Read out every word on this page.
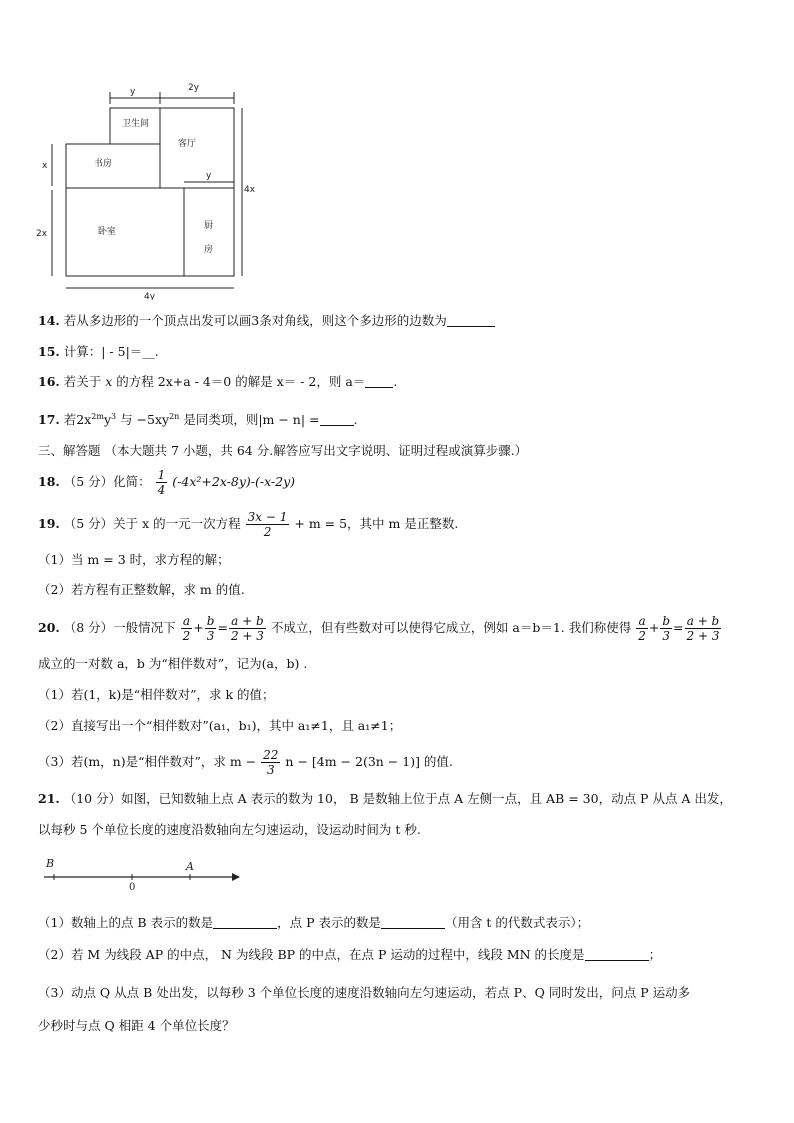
y	2y
卫生间
客厅
书房
y
卧室
厨
房
x
2x
4x
4y
14. 若从多边形的一个顶点出发可以画3条对角线，则这个多边形的边数为
15. 计算：| - 5|＝__.
16. 若关于 x 的方程 2x+a - 4＝0 的解是 x＝ - 2，则 a＝ .
17. 若$2x^{2m}y^3$ 与 $-5xy^{2n}$ 是同类项，则|m − n| =	.
三、解答题 （本大题共 7 小题，共 64 分.解答应写出文字说明、证明过程或演算步骤.）
18. （5 分）化简： $\frac{1}{4} (-4x^2+2x-8y)-(-x-2y)$
19. （5 分）关于 x 的一元一次方程 $\frac{3x - 1}{2} + m = 5$，其中 m 是正整数.
（1）当 m = 3 时，求方程的解；
（2）若方程有正整数解，求 m 的值.
20. （8 分）一般情况下 $\frac{a}{2} + \frac{b}{3} = \frac{a + b}{2 + 3}$ 不成立，但有些数对可以使得它成立，例如 a＝b＝1. 我们称使得 $\frac{a}{2} + \frac{b}{3} = \frac{a + b}{2 + 3}$
成立的一对数 a，b 为“相伴数对”，记为(a，b) .
（1）若(1，k)是“相伴数对”，求 k 的值；
（2）直接写出一个“相伴数对”(a₁，b₁)，其中 a₁≠1，且 a₁≠1；
（3）若(m，n)是“相伴数对”，求 $m - \frac{22}{3}$ n − [4m − 2(3n − 1)] 的值.
21. （10 分）如图，已知数轴上点 A 表示的数为 10， B 是数轴上位于点 A 左侧一点，且 AB = 30，动点 P 从点 A 出发，
以每秒 5 个单位长度的速度沿数轴向左匀速运动，设运动时间为 t 秒.
B
0
A
（1）数轴上的点 B 表示的数是	，点 P 表示的数是	（用含 t 的代数式表示）；
（2）若 M 为线段 AP 的中点， N 为线段 BP 的中点，在点 P 运动的过程中，线段 MN 的长度是	；
（3）动点 Q 从点 B 处出发，以每秒 3 个单位长度的速度沿数轴向左匀速运动，若点 P、Q 同时发出，问点 P 运动多
少秒时与点 Q 相距 4 个单位长度？
